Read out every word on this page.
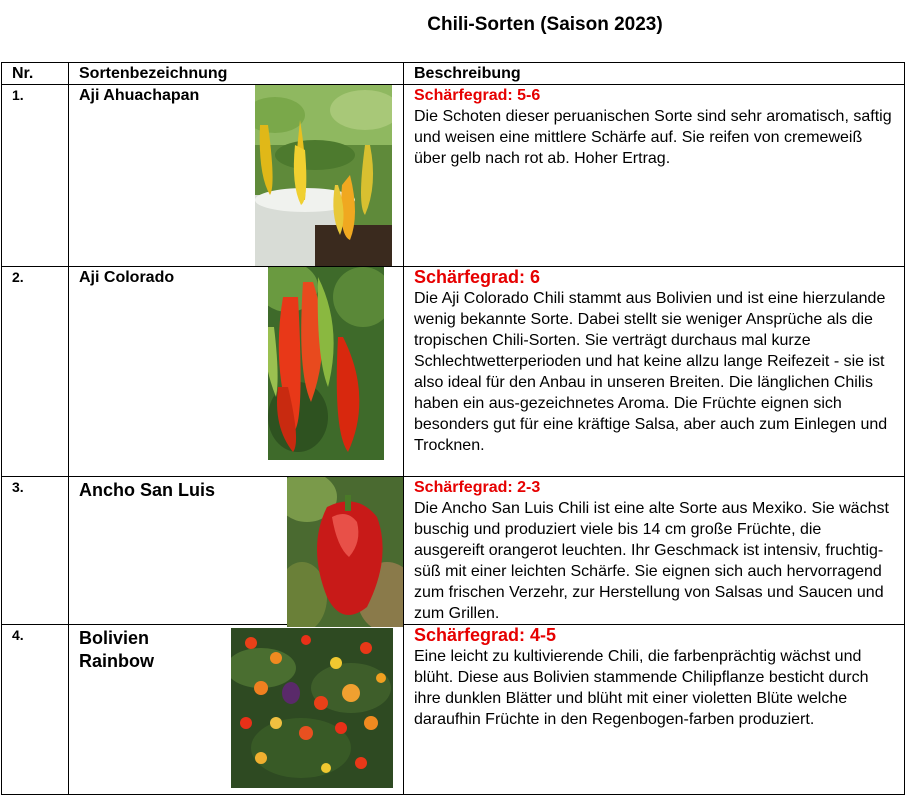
Chili-Sorten (Saison 2023)
Nr.	Sortenbezeichnung	Beschreibung
1.	Aji Ahuachapan	Schärfegrad: 5-6
Die Schoten dieser peruanischen Sorte sind sehr aromatisch, saftig und weisen eine mittlere Schärfe auf. Sie reifen von cremeweiß über gelb nach rot ab. Hoher Ertrag.
2.	Aji Colorado	Schärfegrad: 6
Die Aji Colorado Chili stammt aus Bolivien und ist eine hierzulande wenig bekannte Sorte. Dabei stellt sie weniger Ansprüche als die tropischen Chili-Sorten. Sie verträgt durchaus mal kurze Schlechtwetterperioden und hat keine allzu lange Reifezeit - sie ist also ideal für den Anbau in unseren Breiten. Die länglichen Chilis haben ein aus-gezeichnetes Aroma. Die Früchte eignen sich besonders gut für eine kräftige Salsa, aber auch zum Einlegen und Trocknen.
3.	Ancho San Luis	Schärfegrad: 2-3
Die Ancho San Luis Chili ist eine alte Sorte aus Mexiko. Sie wächst buschig und produziert viele bis 14 cm große Früchte, die ausgereift orangerot leuchten. Ihr Geschmack ist intensiv, fruchtig-süß mit einer leichten Schärfe. Sie eignen sich auch hervorragend zum frischen Verzehr, zur Herstellung von Salsas und Saucen und zum Grillen.
4.	Bolivien Rainbow	Schärfegrad: 4-5
Eine leicht zu kultivierende Chili, die farbenprächtig wächst und blüht. Diese aus Bolivien stammende Chilipflanze besticht durch ihre dunklen Blätter und blüht mit einer violetten Blüte welche daraufhin Früchte in den Regenbogen-farben produziert.
